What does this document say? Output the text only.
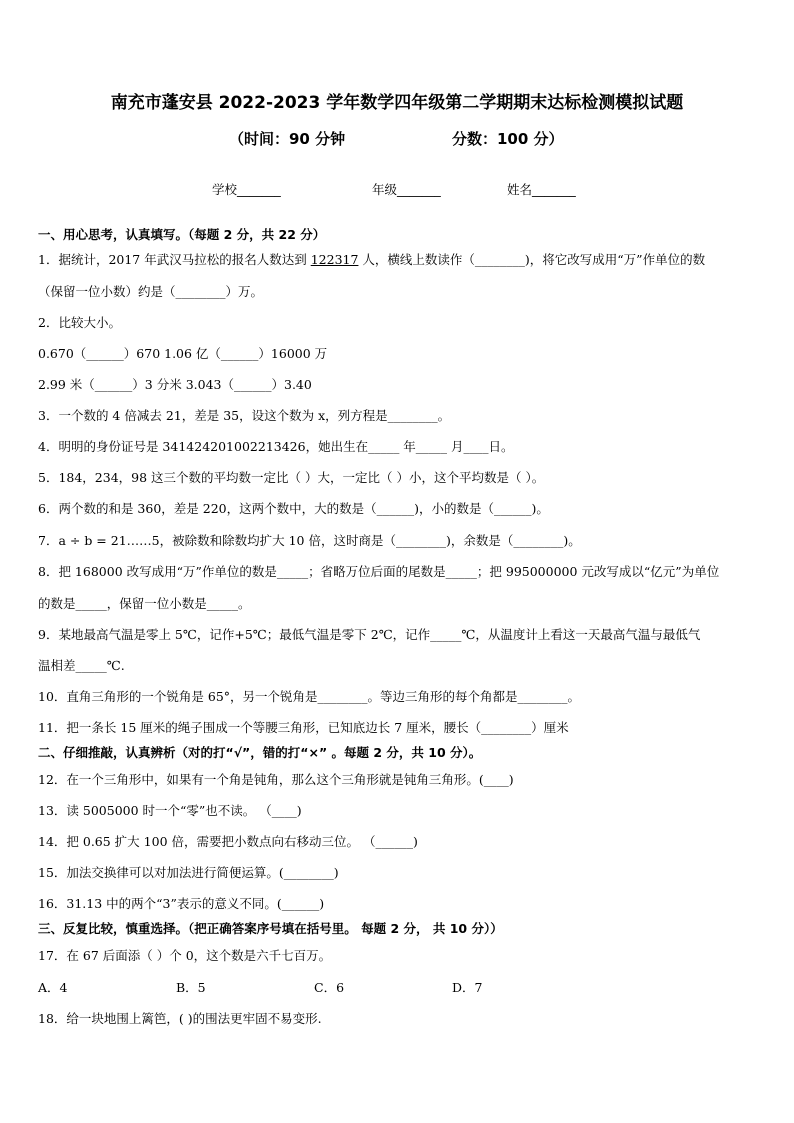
南充市蓬安县 2022-2023 学年数学四年级第二学期期末达标检测模拟试题
（时间：90 分钟	分数：100 分）
学校_______	年级_______	姓名_______
一、用心思考，认真填写。（每题 2 分，共 22 分）
1．据统计，2017 年武汉马拉松的报名人数达到 122317 人，横线上数读作（________)，将它改写成用“万”作单位的数
（保留一位小数）约是（________）万。
2．比较大小。
0.670（______）670 1.06 亿（______）16000 万
2.99 米（______）3 分米 3.043（______）3.40
3．一个数的 4 倍减去 21，差是 35，设这个数为 x，列方程是________。
4．明明的身份证号是 341424201002213426，她出生在_____ 年_____ 月____日。
5．184，234，98 这三个数的平均数一定比（ ）大，一定比（ ）小，这个平均数是（ ）。
6．两个数的和是 360，差是 220，这两个数中，大的数是（______)，小的数是（______)。
7．a ÷ b = 21……5，被除数和除数均扩大 10 倍，这时商是（________)，余数是（________)。
8．把 168000 改写成用“万”作单位的数是_____；省略万位后面的尾数是_____；把 995000000 元改写成以“亿元”为单位
的数是_____，保留一位小数是_____。
9．某地最高气温是零上 5℃，记作+5℃；最低气温是零下 2℃，记作_____℃，从温度计上看这一天最高气温与最低气
温相差_____℃.
10．直角三角形的一个锐角是 65°，另一个锐角是________。等边三角形的每个角都是________。
11．把一条长 15 厘米的绳子围成一个等腰三角形，已知底边长 7 厘米，腰长（________）厘米
二、仔细推敲，认真辨析（对的打“√”，错的打“×” 。每题 2 分，共 10 分）。
12．在一个三角形中，如果有一个角是钝角，那么这个三角形就是钝角三角形。(____)
13．读 5005000 时一个“零”也不读。 （____)
14．把 0.65 扩大 100 倍，需要把小数点向右移动三位。 （______)
15．加法交换律可以对加法进行简便运算。(________)
16．31.13 中的两个“3”表示的意义不同。(______)
三、反复比较，慎重选择。（把正确答案序号填在括号里。 每题 2 分， 共 10 分））
17．在 67 后面添（ ）个 0，这个数是六千七百万。
A．4	B．5	C．6	D．7
18．给一块地围上篱笆，( )的围法更牢固不易变形.
